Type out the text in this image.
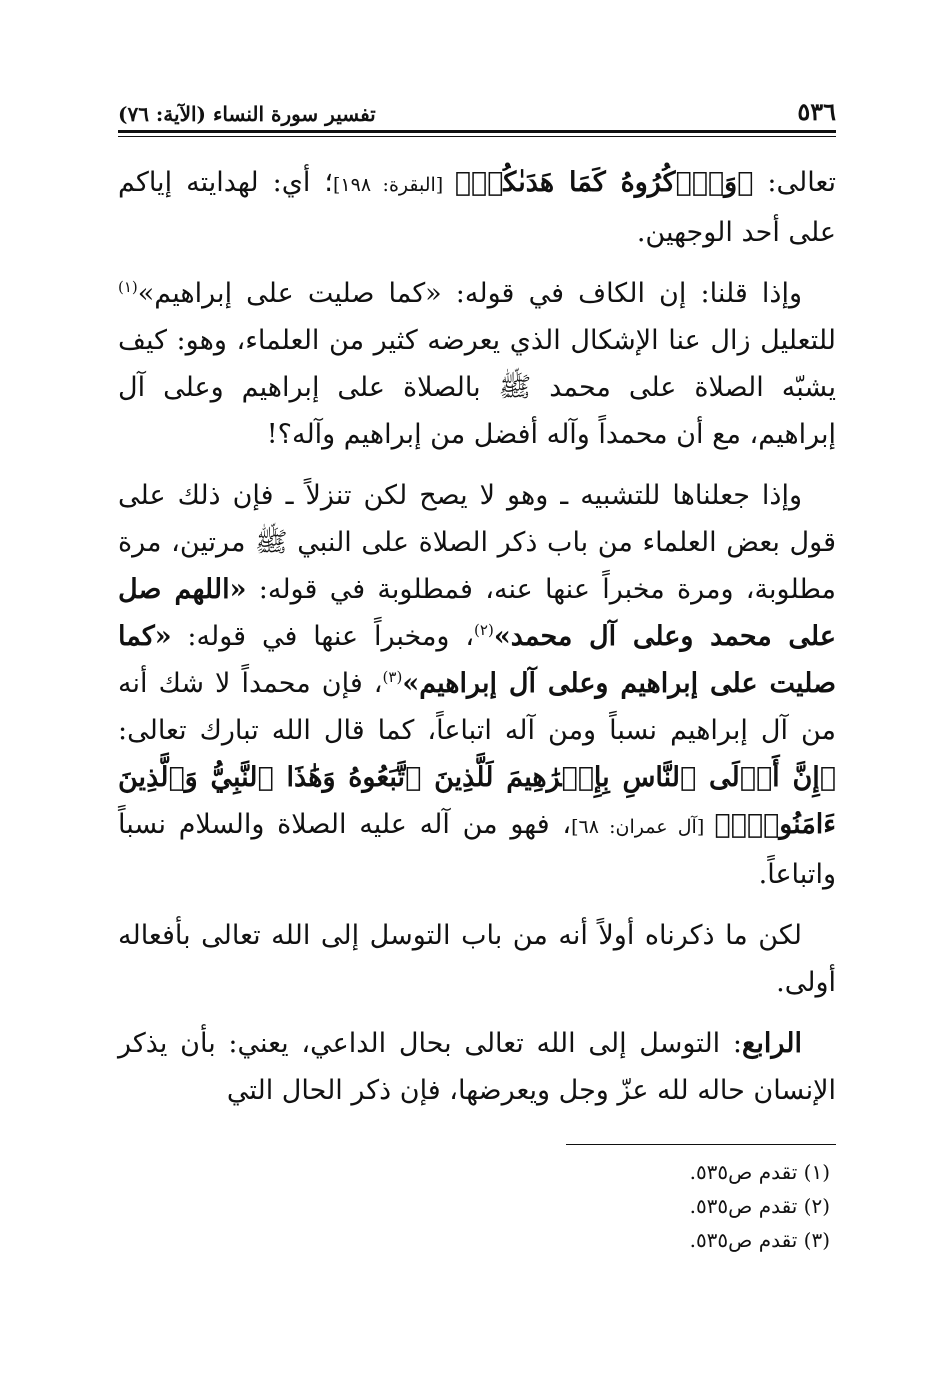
٥٣٦
تفسير سورة النساء (الآية: ٧٦)

تعالى: ﴿وَٱذۡكُرُوهُ كَمَا هَدَىٰكُمۡ﴾ [البقرة: ١٩٨]؛ أي: لهدايته إياكم على أحد الوجهين.

وإذا قلنا: إن الكاف في قوله: «كما صليت على إبراهيم»$^{(١)}$ للتعليل زال عنا الإشكال الذي يعرضه كثير من العلماء، وهو: كيف يشبّه الصلاة على محمد ﷺ بالصلاة على إبراهيم وعلى آل إبراهيم، مع أن محمداً وآله أفضل من إبراهيم وآله؟!

وإذا جعلناها للتشبيه ـ وهو لا يصح لكن تنزلاً ـ فإن ذلك على قول بعض العلماء من باب ذكر الصلاة على النبي ﷺ مرتين، مرة مطلوبة، ومرة مخبراً عنها عنه، فمطلوبة في قوله: «اللهم صل على محمد وعلى آل محمد»$^{(٢)}$، ومخبراً عنها في قوله: «كما صليت على إبراهيم وعلى آل إبراهيم»$^{(٣)}$، فإن محمداً لا شك أنه من آل إبراهيم نسباً ومن آله اتباعاً، كما قال الله تبارك تعالى: ﴿إِنَّ أَوۡلَى ٱلنَّاسِ بِإِبۡرَٰهِيمَ لَلَّذِينَ ٱتَّبَعُوهُ وَهَٰذَا ٱلنَّبِيُّ وَٱلَّذِينَ ءَامَنُواْۗ﴾ [آل عمران: ٦٨]، فهو من آله عليه الصلاة والسلام نسباً واتباعاً.

لكن ما ذكرناه أولاً أنه من باب التوسل إلى الله تعالى بأفعاله أولى.

الرابع: التوسل إلى الله تعالى بحال الداعي، يعني: بأن يذكر الإنسان حاله لله عزّ وجل ويعرضها، فإن ذكر الحال التي

(١) تقدم ص٥٣٥.
(٢) تقدم ص٥٣٥.
(٣) تقدم ص٥٣٥.
